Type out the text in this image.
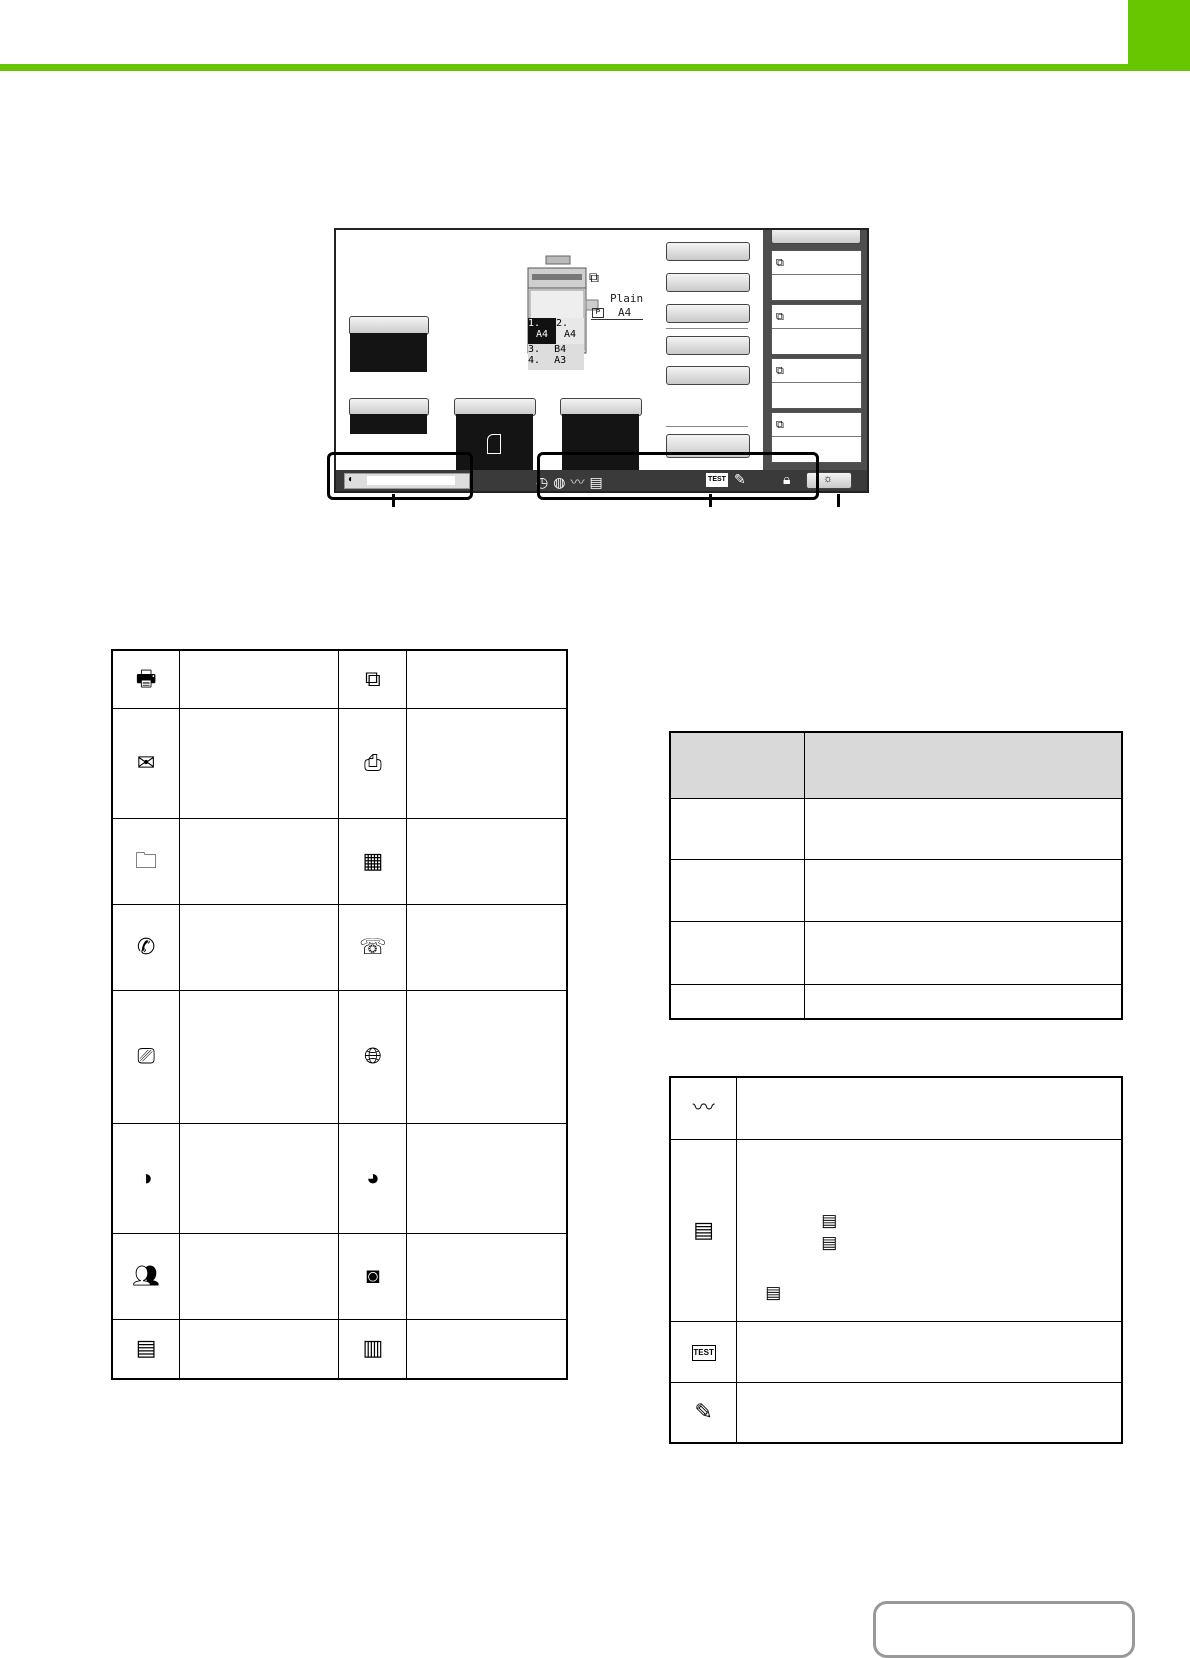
⧉
1.
A4
2.
A4
3. B4
4. A3
Plain
P	A4
⧉
⧉
⧉
⧉
◐	◷◍〰▤	TEST ✎	🔒︎	☼
🖶︎		⧉	
✉		⎙	
🗀︎		▦	
✆		☏	
⎚		🌐︎	
◑		◕	
👥︎		◙	
▤		▥	

〰	
▤	▤
▤
▤

TEST	
✎	
